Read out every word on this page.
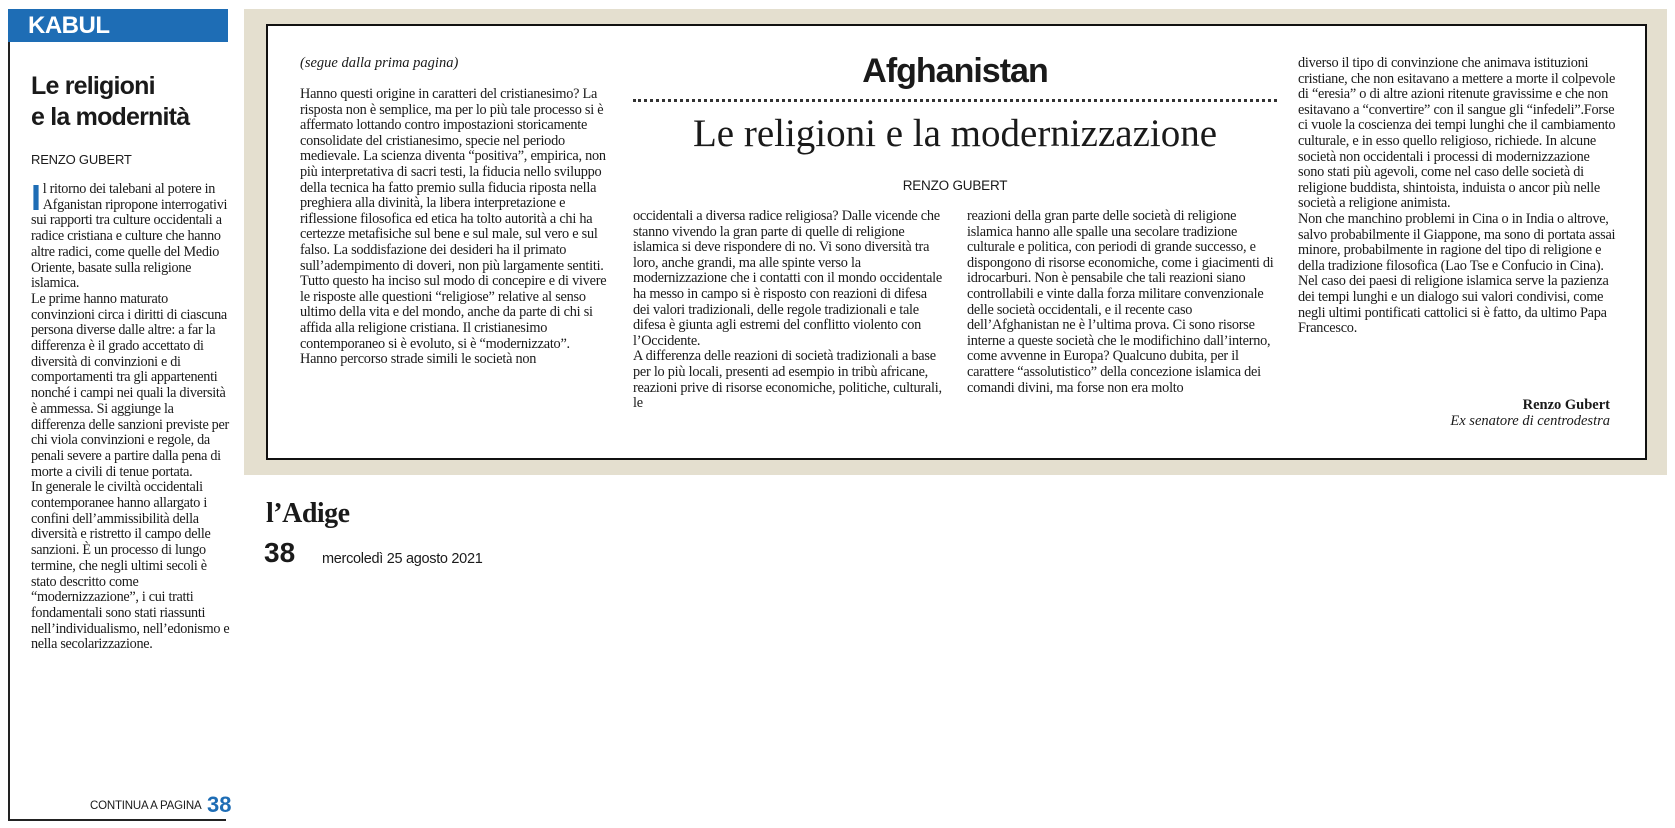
KABUL
Le religioni
e la modernità
RENZO GUBERT

Il ritorno dei talebani al potere in Afganistan ripropone interrogativi sui rapporti tra culture occidentali a radice cristiana e culture che hanno altre radici, come quelle del Medio Oriente, basate sulla religione islamica.

Le prime hanno maturato convinzioni circa i diritti di ciascuna persona diverse dalle altre: a far la differenza è il grado accettato di diversità di convinzioni e di comportamenti tra gli appartenenti nonché i campi nei quali la diversità è ammessa. Si aggiunge la differenza delle sanzioni previste per chi viola convinzioni e regole, da penali severe a partire dalla pena di morte a civili di tenue portata.

In generale le civiltà occidentali contemporanee hanno allargato i confini dell’ammissibilità della diversità e ristretto il campo delle sanzioni. È un processo di lungo termine, che negli ultimi secoli è stato descritto come “modernizzazione”, i cui tratti fondamentali sono stati riassunti nell’individualismo, nell’edonismo e nella secolarizzazione.

CONTINUA A PAGINA 38
(segue dalla prima pagina)

Hanno questi origine in caratteri del cristianesimo? La risposta non è semplice, ma per lo più tale processo si è affermato lottando contro impostazioni storicamente consolidate del cristianesimo, specie nel periodo medievale. La scienza diventa “positiva”, empirica, non più interpretativa di sacri testi, la fiducia nello sviluppo della tecnica ha fatto premio sulla fiducia riposta nella preghiera alla divinità, la libera interpretazione e riflessione filosofica ed etica ha tolto autorità a chi ha certezze metafisiche sul bene e sul male, sul vero e sul falso. La soddisfazione dei desideri ha il primato sull’adempimento di doveri, non più largamente sentiti. Tutto questo ha inciso sul modo di concepire e di vivere le risposte alle questioni “religiose” relative al senso ultimo della vita e del mondo, anche da parte di chi si affida alla religione cristiana. Il cristianesimo contemporaneo si è evoluto, si è “modernizzato”.

Hanno percorso strade simili le società non

Afghanistan
Le religioni e la modernizzazione
RENZO GUBERT

occidentali a diversa radice religiosa? Dalle vicende che stanno vivendo la gran parte di quelle di religione islamica si deve rispondere di no. Vi sono diversità tra loro, anche grandi, ma alle spinte verso la modernizzazione che i contatti con il mondo occidentale ha messo in campo si è risposto con reazioni di difesa dei valori tradizionali, delle regole tradizionali e tale difesa è giunta agli estremi del conflitto violento con l’Occidente.

A differenza delle reazioni di società tradizionali a base per lo più locali, presenti ad esempio in tribù africane, reazioni prive di risorse economiche, politiche, culturali, le

reazioni della gran parte delle società di religione islamica hanno alle spalle una secolare tradizione culturale e politica, con periodi di grande successo, e dispongono di risorse economiche, come i giacimenti di idrocarburi. Non è pensabile che tali reazioni siano controllabili e vinte dalla forza militare convenzionale delle società occidentali, e il recente caso dell’Afghanistan ne è l’ultima prova. Ci sono risorse interne a queste società che le modifichino dall’interno, come avvenne in Europa? Qualcuno dubita, per il carattere “assolutistico” della concezione islamica dei comandi divini, ma forse non era molto

diverso il tipo di convinzione che animava istituzioni cristiane, che non esitavano a mettere a morte il colpevole di “eresia” o di altre azioni ritenute gravissime e che non esitavano a “convertire” con il sangue gli “infedeli”.Forse ci vuole la coscienza dei tempi lunghi che il cambiamento culturale, e in esso quello religioso, richiede. In alcune società non occidentali i processi di modernizzazione sono stati più agevoli, come nel caso delle società di religione buddista, shintoista, induista o ancor più nelle società a religione animista.

Non che manchino problemi in Cina o in India o altrove, salvo probabilmente il Giappone, ma sono di portata assai minore, probabilmente in ragione del tipo di religione e della tradizione filosofica (Lao Tse e Confucio in Cina). Nel caso dei paesi di religione islamica serve la pazienza dei tempi lunghi e un dialogo sui valori condivisi, come negli ultimi pontificati cattolici si è fatto, da ultimo Papa Francesco.

Renzo Gubert
Ex senatore di centrodestra
l’Adige
38 mercoledì 25 agosto 2021
